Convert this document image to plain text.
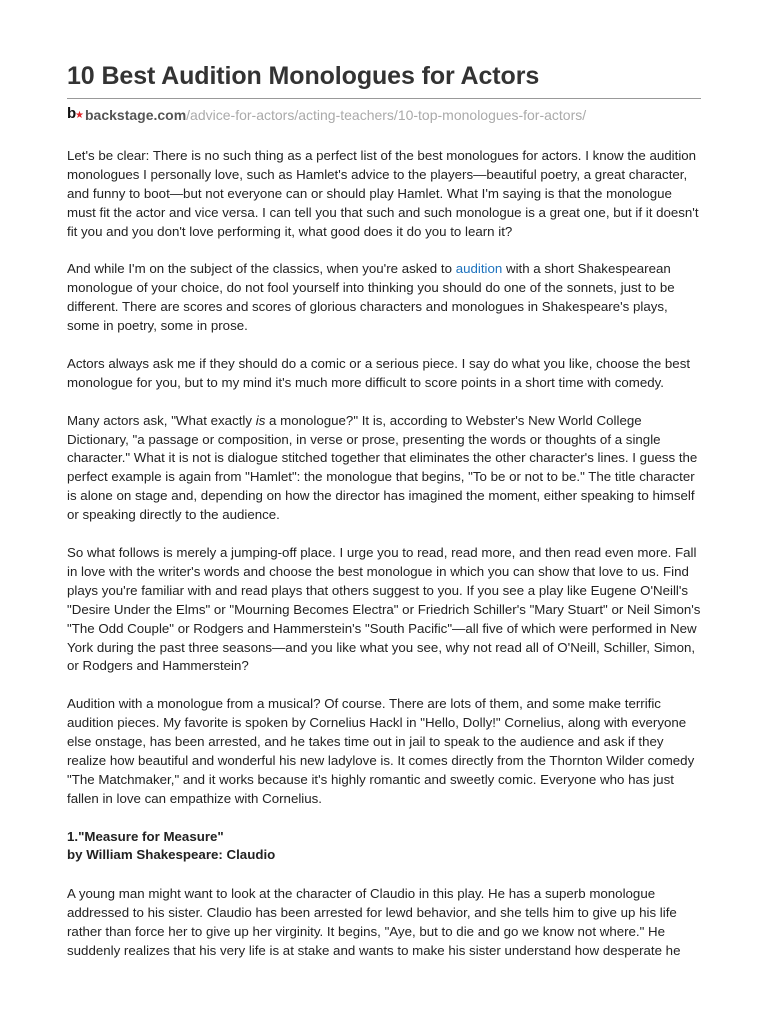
10 Best Audition Monologues for Actors
b
★ backstage.com /advice-for-actors/acting-teachers/10-top-monologues-for-actors/

Let's be clear: There is no such thing as a perfect list of the best monologues for actors. I know the audition monologues I personally love, such as Hamlet's advice to the players—beautiful poetry, a great character, and funny to boot—but not everyone can or should play Hamlet. What I'm saying is that the monologue must fit the actor and vice versa. I can tell you that such and such monologue is a great one, but if it doesn't fit you and you don't love performing it, what good does it do you to learn it?

And while I'm on the subject of the classics, when you're asked to audition with a short Shakespearean monologue of your choice, do not fool yourself into thinking you should do one of the sonnets, just to be different. There are scores and scores of glorious characters and monologues in Shakespeare's plays, some in poetry, some in prose.

Actors always ask me if they should do a comic or a serious piece. I say do what you like, choose the best monologue for you, but to my mind it's much more difficult to score points in a short time with comedy.

Many actors ask, "What exactly is a monologue?" It is, according to Webster's New World College Dictionary, "a passage or composition, in verse or prose, presenting the words or thoughts of a single character." What it is not is dialogue stitched together that eliminates the other character's lines. I guess the perfect example is again from "Hamlet": the monologue that begins, "To be or not to be." The title character is alone on stage and, depending on how the director has imagined the moment, either speaking to himself or speaking directly to the audience.

So what follows is merely a jumping-off place. I urge you to read, read more, and then read even more. Fall in love with the writer's words and choose the best monologue in which you can show that love to us. Find plays you're familiar with and read plays that others suggest to you. If you see a play like Eugene O'Neill's "Desire Under the Elms" or "Mourning Becomes Electra" or Friedrich Schiller's "Mary Stuart" or Neil Simon's "The Odd Couple" or Rodgers and Hammerstein's "South Pacific"—all five of which were performed in New York during the past three seasons—and you like what you see, why not read all of O'Neill, Schiller, Simon, or Rodgers and Hammerstein?

Audition with a monologue from a musical? Of course. There are lots of them, and some make terrific audition pieces. My favorite is spoken by Cornelius Hackl in "Hello, Dolly!" Cornelius, along with everyone else onstage, has been arrested, and he takes time out in jail to speak to the audience and ask if they realize how beautiful and wonderful his new ladylove is. It comes directly from the Thornton Wilder comedy "The Matchmaker," and it works because it's highly romantic and sweetly comic. Everyone who has just fallen in love can empathize with Cornelius.

1."Measure for Measure"
by William Shakespeare: Claudio

A young man might want to look at the character of Claudio in this play. He has a superb monologue addressed to his sister. Claudio has been arrested for lewd behavior, and she tells him to give up his life rather than force her to give up her virginity. It begins, "Aye, but to die and go we know not where." He suddenly realizes that his very life is at stake and wants to make his sister understand how desperate he
